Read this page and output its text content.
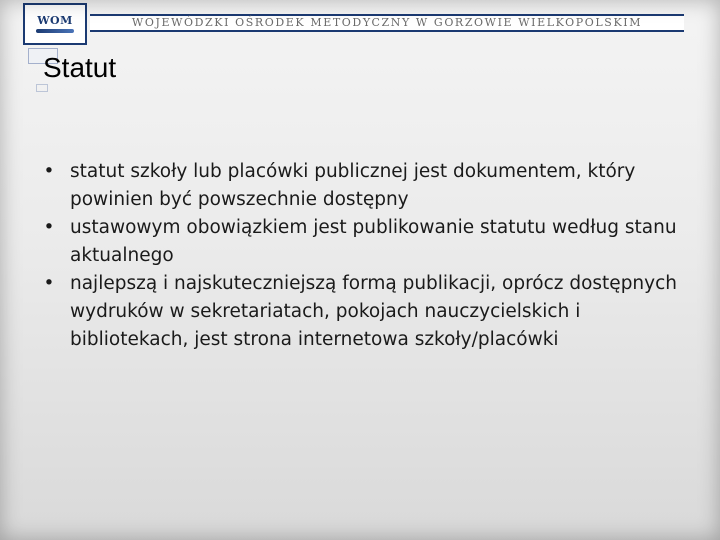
WOM	WOJEWÓDZKI OŚRODEK METODYCZNY W GORZOWIE WIELKOPOLSKIM
Statut
• statut szkoły lub placówki publicznej jest dokumentem, który powinien być powszechnie dostępny
• ustawowym obowiązkiem jest publikowanie statutu według stanu aktualnego
• najlepszą i najskuteczniejszą formą publikacji, oprócz dostępnych wydruków w sekretariatach, pokojach nauczycielskich i bibliotekach, jest strona internetowa szkoły/placówki
